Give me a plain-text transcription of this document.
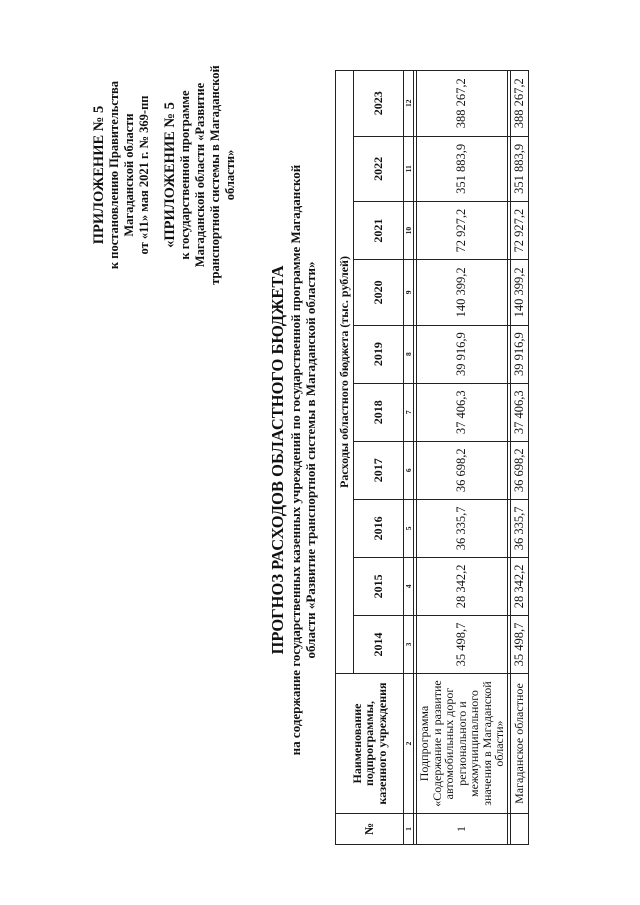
ПРИЛОЖЕНИЕ № 5 к постановлению Правительства Магаданской области от «11» мая 2021 г. № 369-пп «ПРИЛОЖЕНИЕ № 5 к государственной программе Магаданской области «Развитие транспортной системы в Магаданской области»
ПРОГНОЗ РАСХОДОВ ОБЛАСТНОГО БЮДЖЕТА на содержание государственных казенных учреждений по государственной программе Магаданской области «Развитие транспортной системы в Магаданской области»
№	Наименование подпрограммы, казенного учреждения	Расходы областного бюджета (тыс. рублей)									
		2014	2015	2016	2017	2018	2019	2020	2021	2022	2023
1	2	3	4	5	6	7	8	9	10	11	12

1	Подпрограмма «Содержание и развитие автомобильных дорог регионального и межмуниципального значения в Магаданской области»	35 498,7	28 342,2	36 335,7	36 698,2	37 406,3	39 916,9	140 399,2	72 927,2	351 883,9	388 267,2

	Магаданское областное	35 498,7	28 342,2	36 335,7	36 698,2	37 406,3	39 916,9	140 399,2	72 927,2	351 883,9	388 267,2
